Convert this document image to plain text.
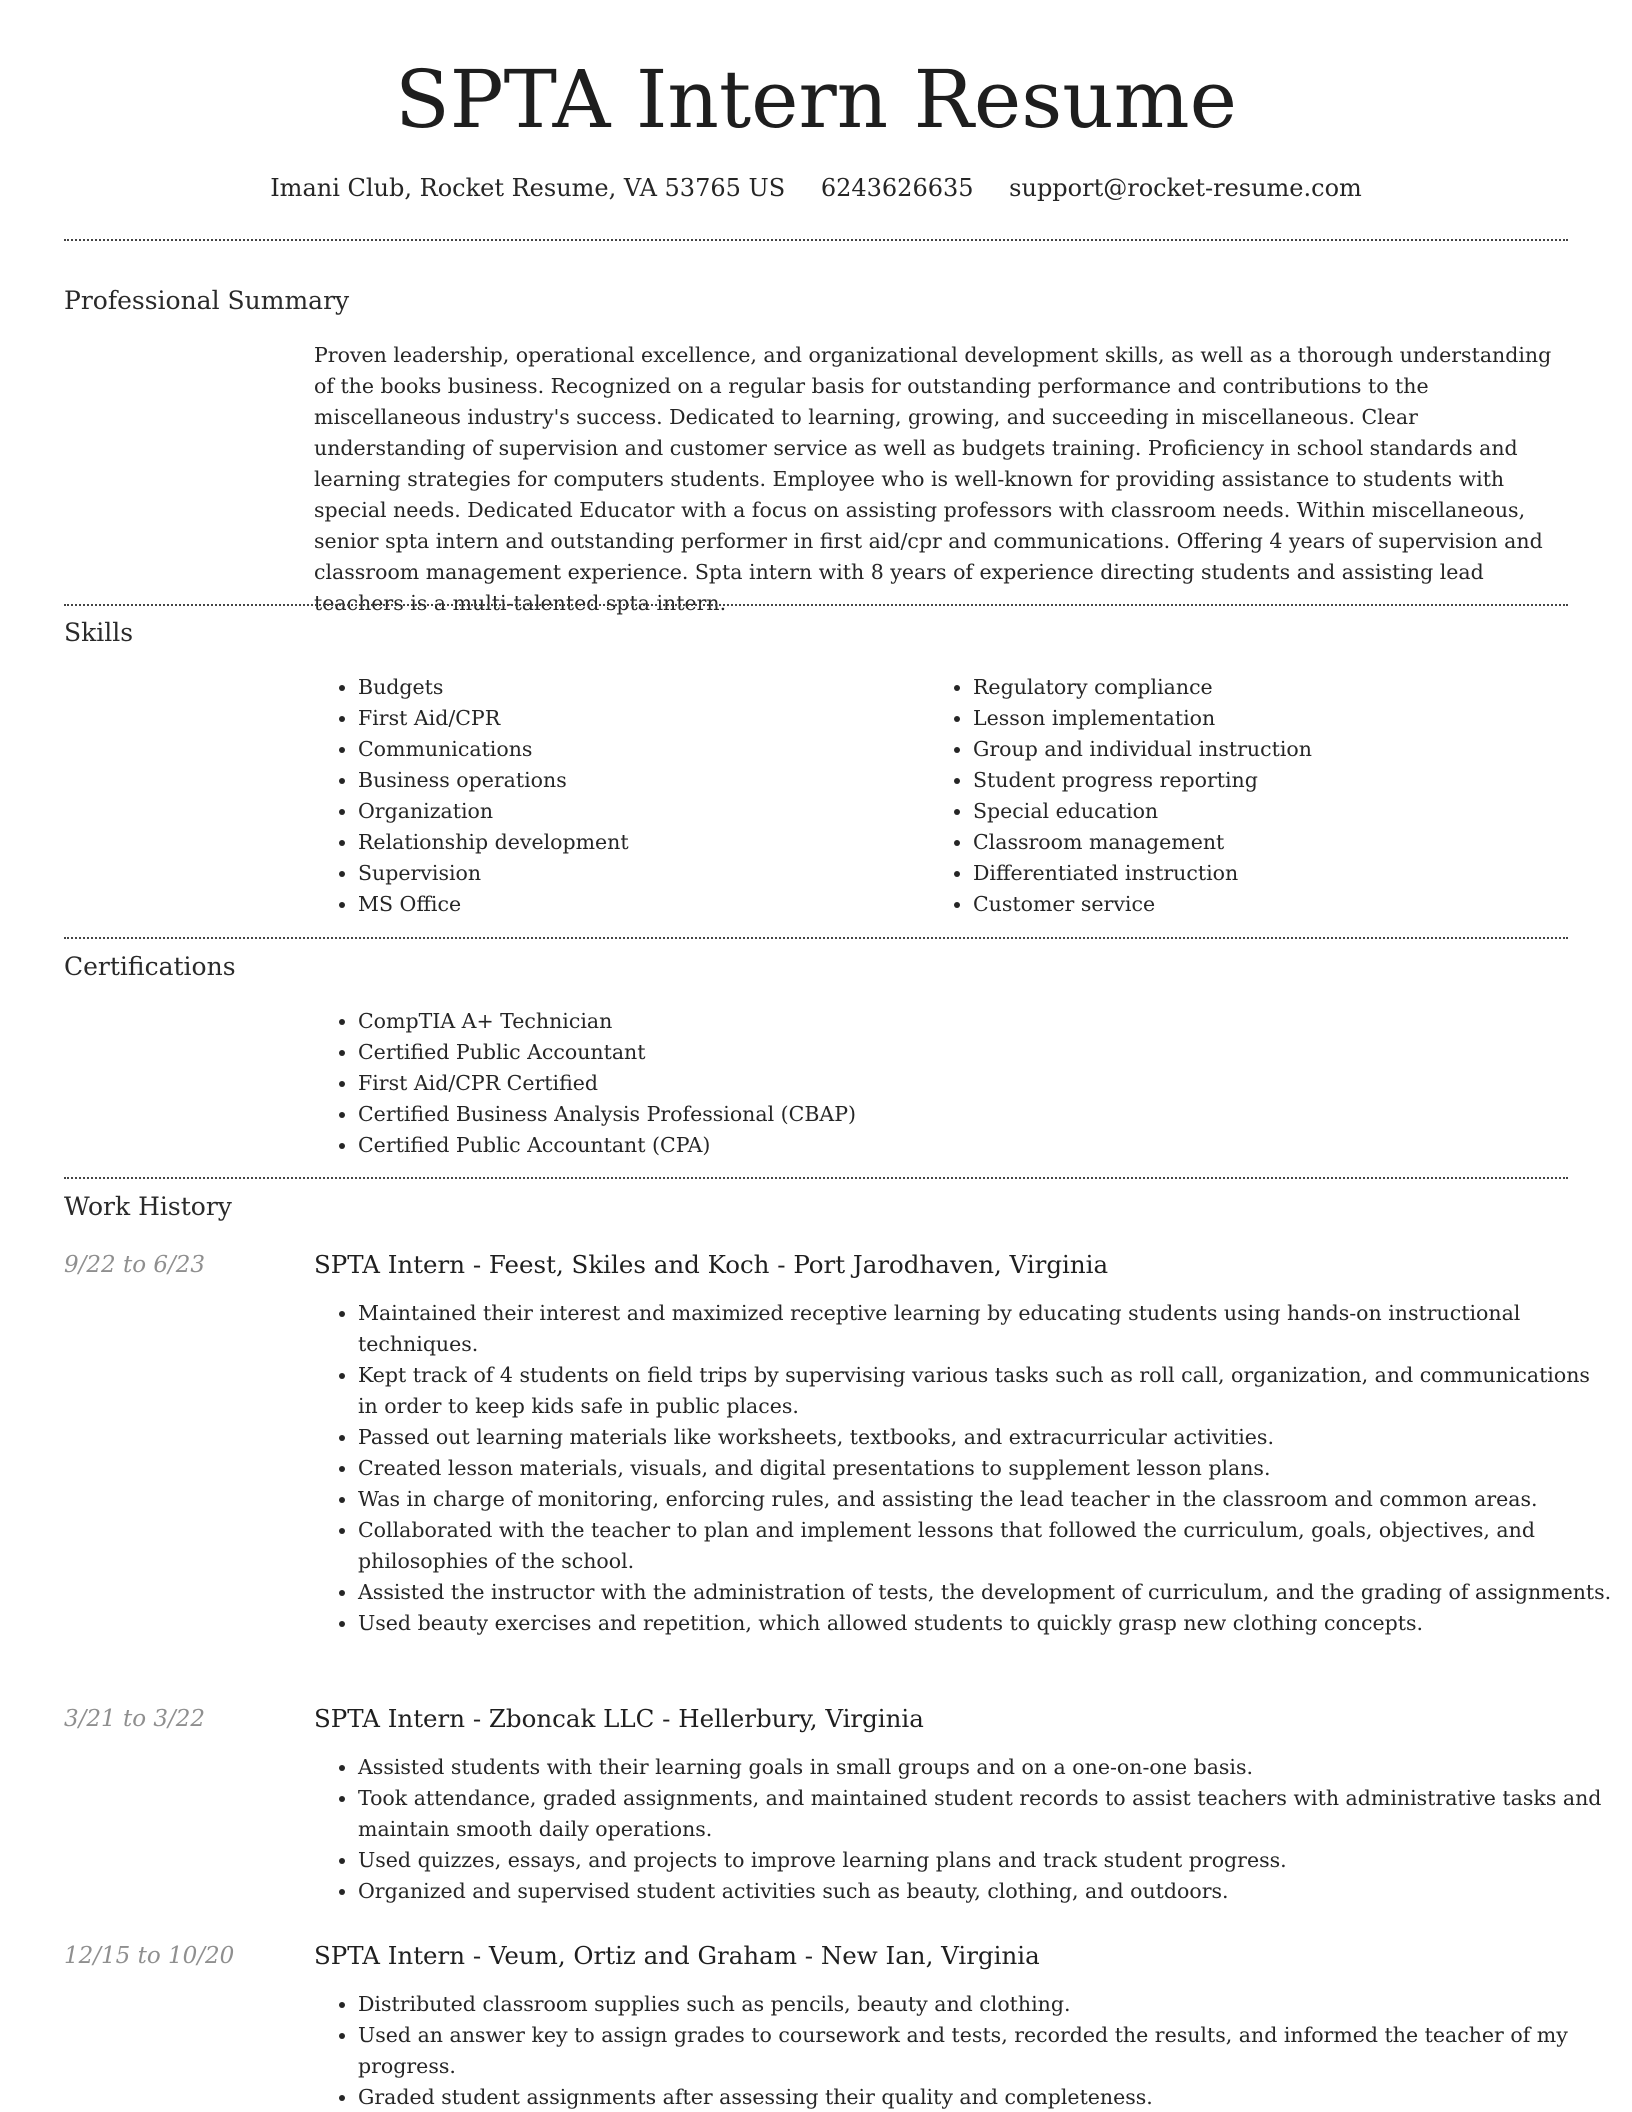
SPTA Intern Resume
Imani Club, Rocket Resume, VA 53765 US 6243626635 support@rocket-resume.com
Professional Summary

Proven leadership, operational excellence, and organizational development skills, as well as a thorough understanding of the books business. Recognized on a regular basis for outstanding performance and contributions to the miscellaneous industry's success. Dedicated to learning, growing, and succeeding in miscellaneous. Clear understanding of supervision and customer service as well as budgets training. Proficiency in school standards and learning strategies for computers students. Employee who is well-known for providing assistance to students with special needs. Dedicated Educator with a focus on assisting professors with classroom needs. Within miscellaneous, senior spta intern and outstanding performer in first aid/cpr and communications. Offering 4 years of supervision and classroom management experience. Spta intern with 8 years of experience directing students and assisting lead teachers is a multi-talented spta intern.

Skills
• Budgets
• First Aid/CPR
• Communications
• Business operations
• Organization
• Relationship development
• Supervision
• MS Office
• Regulatory compliance
• Lesson implementation
• Group and individual instruction
• Student progress reporting
• Special education
• Classroom management
• Differentiated instruction
• Customer service
Certifications
• CompTIA A+ Technician
• Certified Public Accountant
• First Aid/CPR Certified
• Certified Business Analysis Professional (CBAP)
• Certified Public Accountant (CPA)
Work History
9/22 to 6/23	SPTA Intern - Feest, Skiles and Koch - Port Jarodhaven, Virginia
• Maintained their interest and maximized receptive learning by educating students using hands-on instructional techniques.
• Kept track of 4 students on field trips by supervising various tasks such as roll call, organization, and communications in order to keep kids safe in public places.
• Passed out learning materials like worksheets, textbooks, and extracurricular activities.
• Created lesson materials, visuals, and digital presentations to supplement lesson plans.
• Was in charge of monitoring, enforcing rules, and assisting the lead teacher in the classroom and common areas.
• Collaborated with the teacher to plan and implement lessons that followed the curriculum, goals, objectives, and philosophies of the school.
• Assisted the instructor with the administration of tests, the development of curriculum, and the grading of assignments.
• Used beauty exercises and repetition, which allowed students to quickly grasp new clothing concepts.
3/21 to 3/22	SPTA Intern - Zboncak LLC - Hellerbury, Virginia
• Assisted students with their learning goals in small groups and on a one-on-one basis.
• Took attendance, graded assignments, and maintained student records to assist teachers with administrative tasks and maintain smooth daily operations.
• Used quizzes, essays, and projects to improve learning plans and track student progress.
• Organized and supervised student activities such as beauty, clothing, and outdoors.
12/15 to 10/20	SPTA Intern - Veum, Ortiz and Graham - New Ian, Virginia
• Distributed classroom supplies such as pencils, beauty and clothing.
• Used an answer key to assign grades to coursework and tests, recorded the results, and informed the teacher of my progress.
• Graded student assignments after assessing their quality and completeness.
